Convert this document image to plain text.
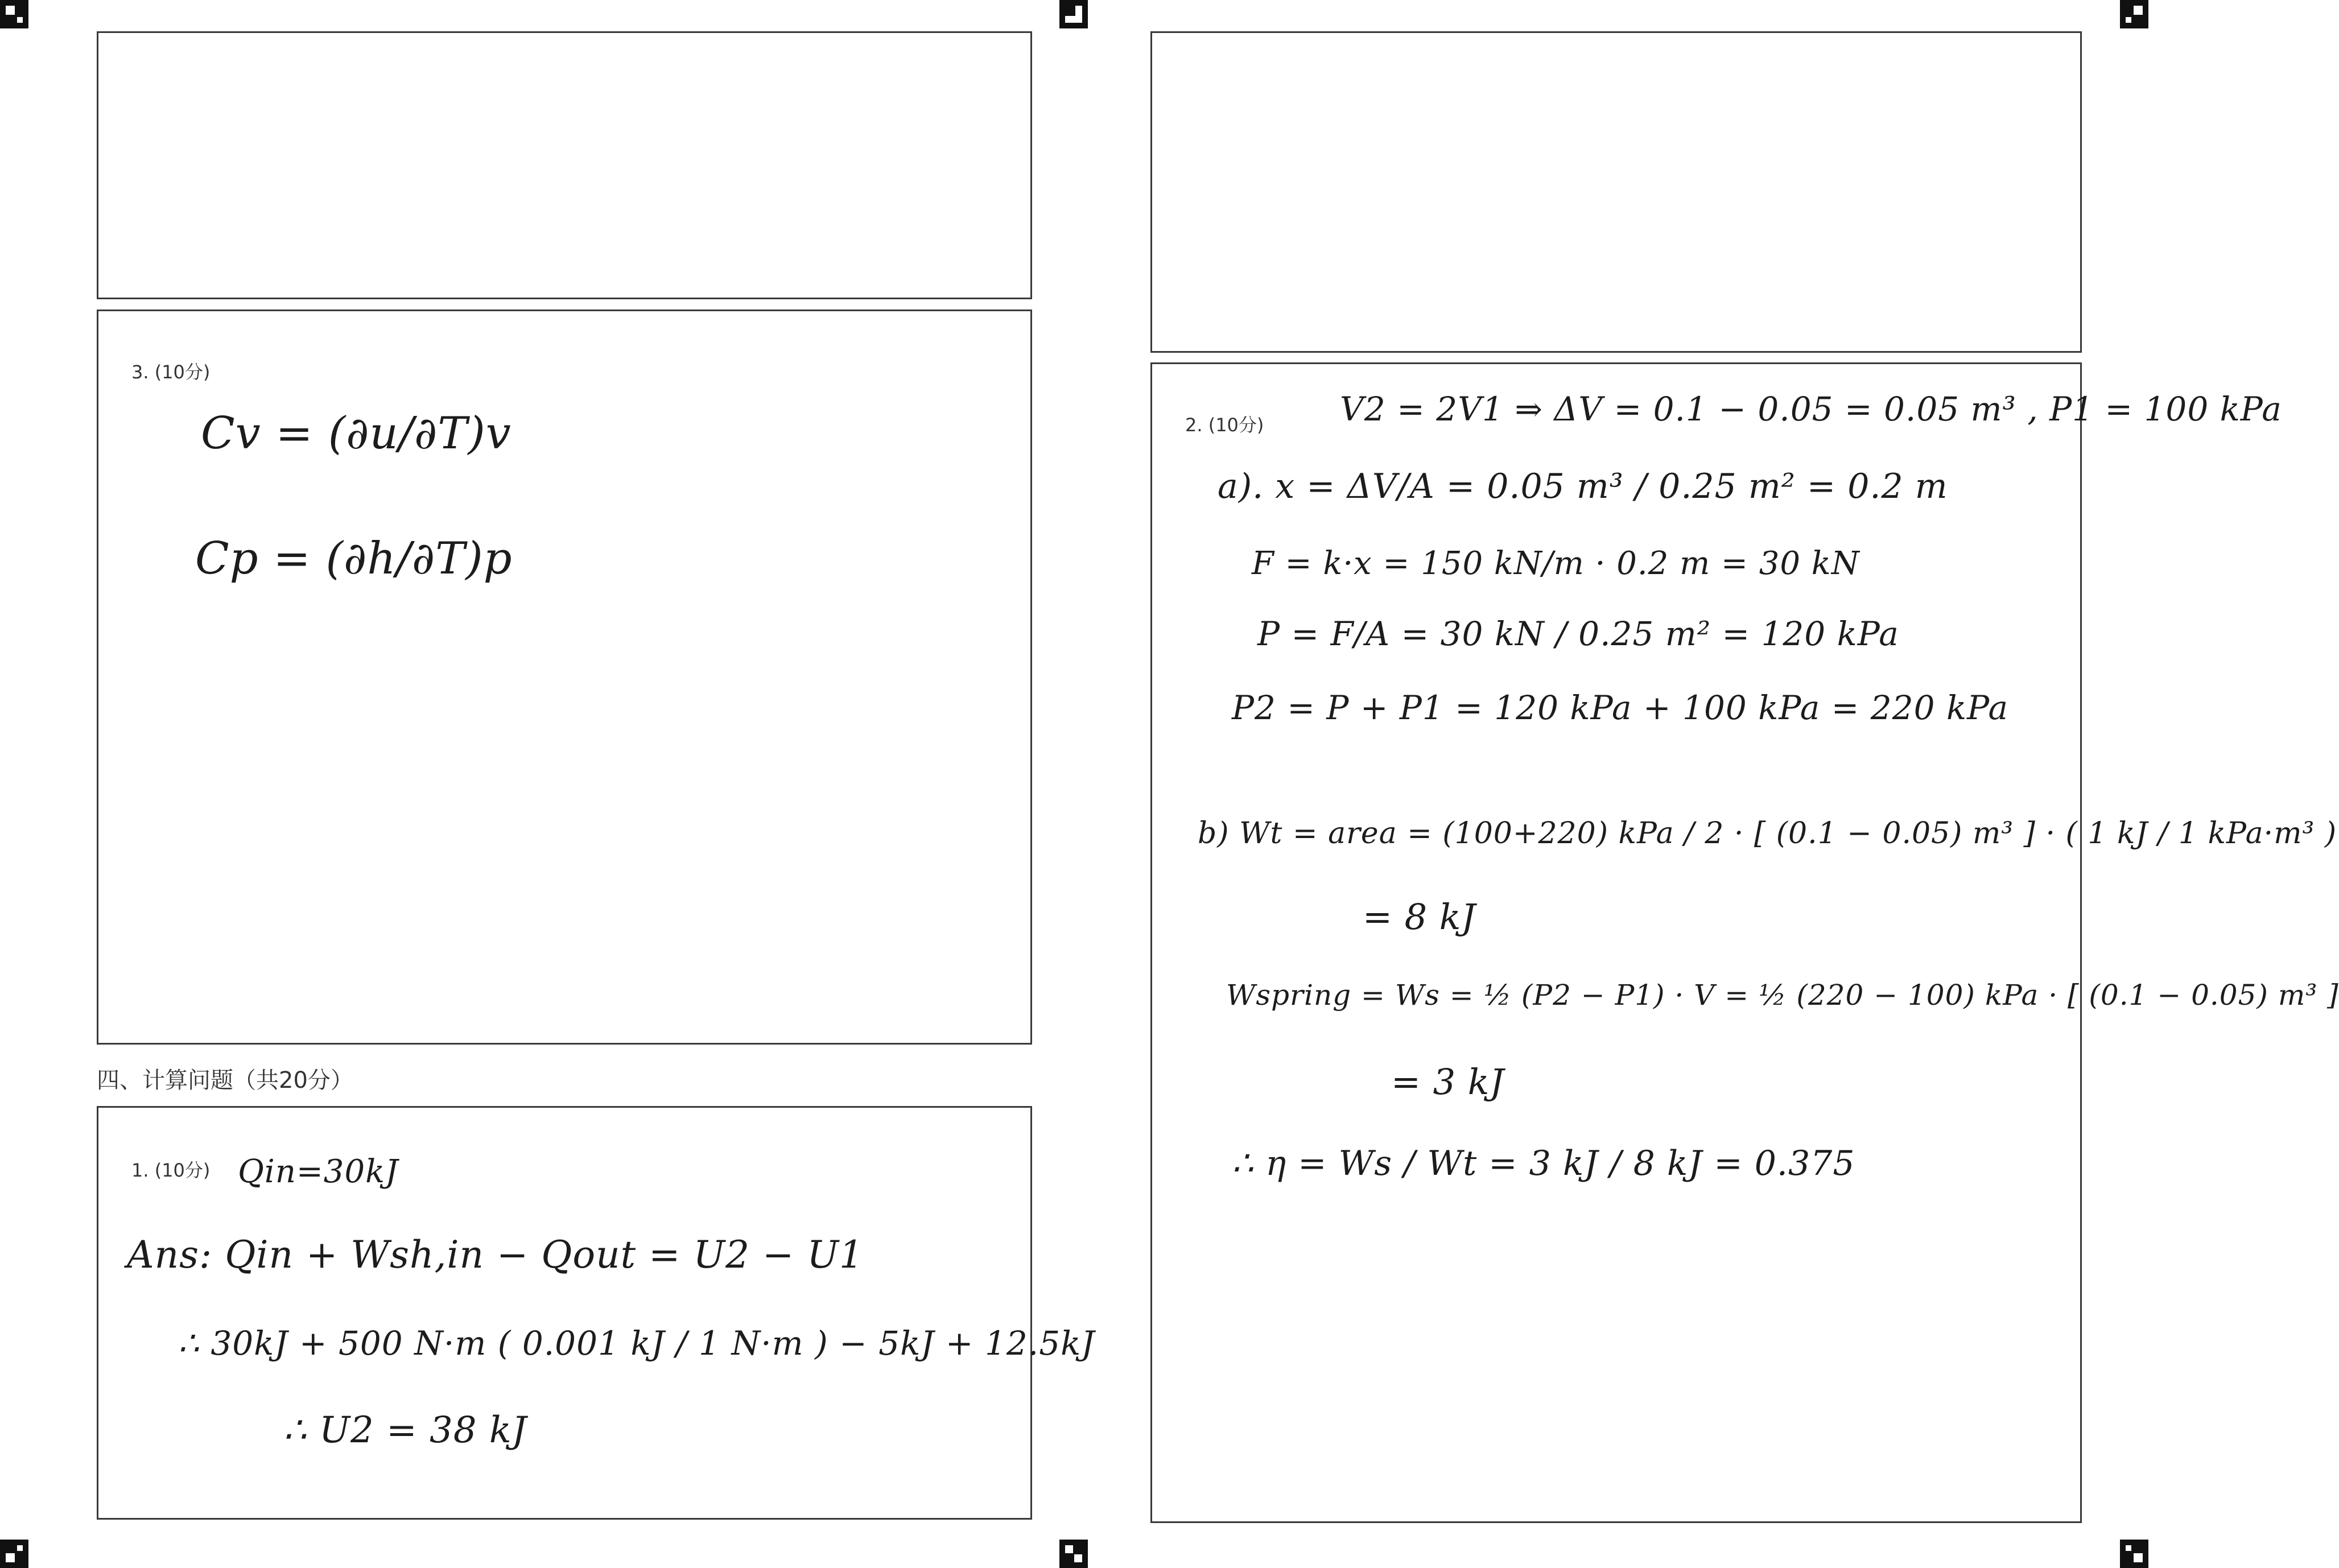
3. (10分)
Cv = (∂u/∂T)v
Cp = (∂h/∂T)p
四、计算问题（共20分）
1. (10分) Qin=30kJ
Ans: Qin + Wsh,in − Qout = U2 − U1
∴ 30kJ + 500 N·m ( 0.001 kJ / 1 N·m ) − 5kJ + 12.5kJ
∴ U2 = 38 kJ
2. (10分) V2 = 2V1 ⇒ ΔV = 0.1 − 0.05 = 0.05 m³ , P1 = 100 kPa
a). x = ΔV/A = 0.05 m³ / 0.25 m² = 0.2 m
F = k·x = 150 kN/m · 0.2 m = 30 kN
P = F/A = 30 kN / 0.25 m² = 120 kPa
P2 = P + P1 = 120 kPa + 100 kPa = 220 kPa
b) Wt = area = (100+220) kPa / 2 · [ (0.1 − 0.05) m³ ] · ( 1 kJ / 1 kPa·m³ )
= 8 kJ
Wspring = Ws = ½ (P2 − P1) · V = ½ (220 − 100) kPa · [ (0.1 − 0.05) m³ ]
= 3 kJ
∴ η = Ws / Wt = 3 kJ / 8 kJ = 0.375
